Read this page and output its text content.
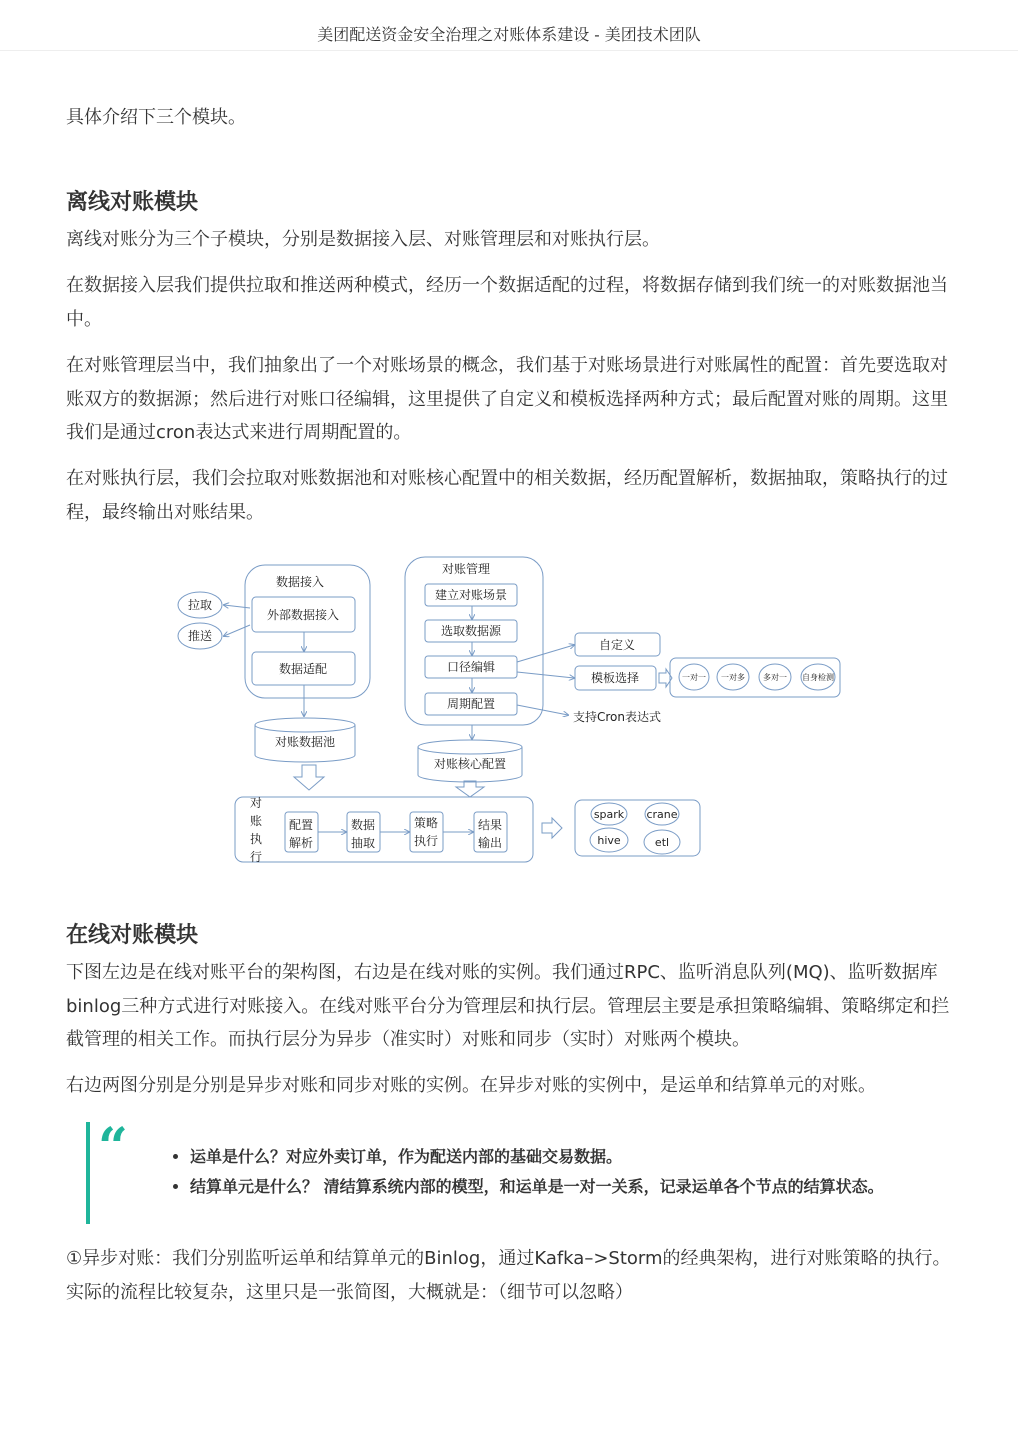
美团配送资金安全治理之对账体系建设 - 美团技术团队

具体介绍下三个模块。

离线对账模块

离线对账分为三个子模块，分别是数据接入层、对账管理层和对账执行层。

在数据接入层我们提供拉取和推送两种模式，经历一个数据适配的过程，将数据存储到我们统一的对账数据池当中。

在对账管理层当中，我们抽象出了一个对账场景的概念，我们基于对账场景进行对账属性的配置：首先要选取对账双方的数据源；然后进行对账口径编辑，这里提供了自定义和模板选择两种方式；最后配置对账的周期。这里我们是通过cron表达式来进行周期配置的。

在对账执行层，我们会拉取对账数据池和对账核心配置中的相关数据，经历配置解析，数据抽取，策略执行的过程，最终输出对账结果。

数据接入
外部数据接入
数据适配
拉取
推送
对账数据池
对账管理
建立对账场景
选取数据源
口径编辑
周期配置
对账核心配置
自定义
模板选择
支持Cron表达式
一对一 一对多 多对一 自身检测
对
账
执
行
配置
解析
数据
抽取
策略
执行
结果
输出
spark crane
hive	etl
在线对账模块

下图左边是在线对账平台的架构图，右边是在线对账的实例。我们通过RPC、监听消息队列(MQ)、监听数据库binlog三种方式进行对账接入。在线对账平台分为管理层和执行层。管理层主要是承担策略编辑、策略绑定和拦截管理的相关工作。而执行层分为异步（准实时）对账和同步（实时）对账两个模块。

右边两图分别是分别是异步对账和同步对账的实例。在异步对账的实例中，是运单和结算单元的对账。

“	• 运单是什么？对应外卖订单，作为配送内部的基础交易数据。
• 结算单元是什么？ 清结算系统内部的模型，和运单是一对一关系，记录运单各个节点的结算状态。

①异步对账：我们分别监听运单和结算单元的Binlog，通过Kafka–>Storm的经典架构，进行对账策略的执行。实际的流程比较复杂，这里只是一张简图，大概就是：（细节可以忽略）
